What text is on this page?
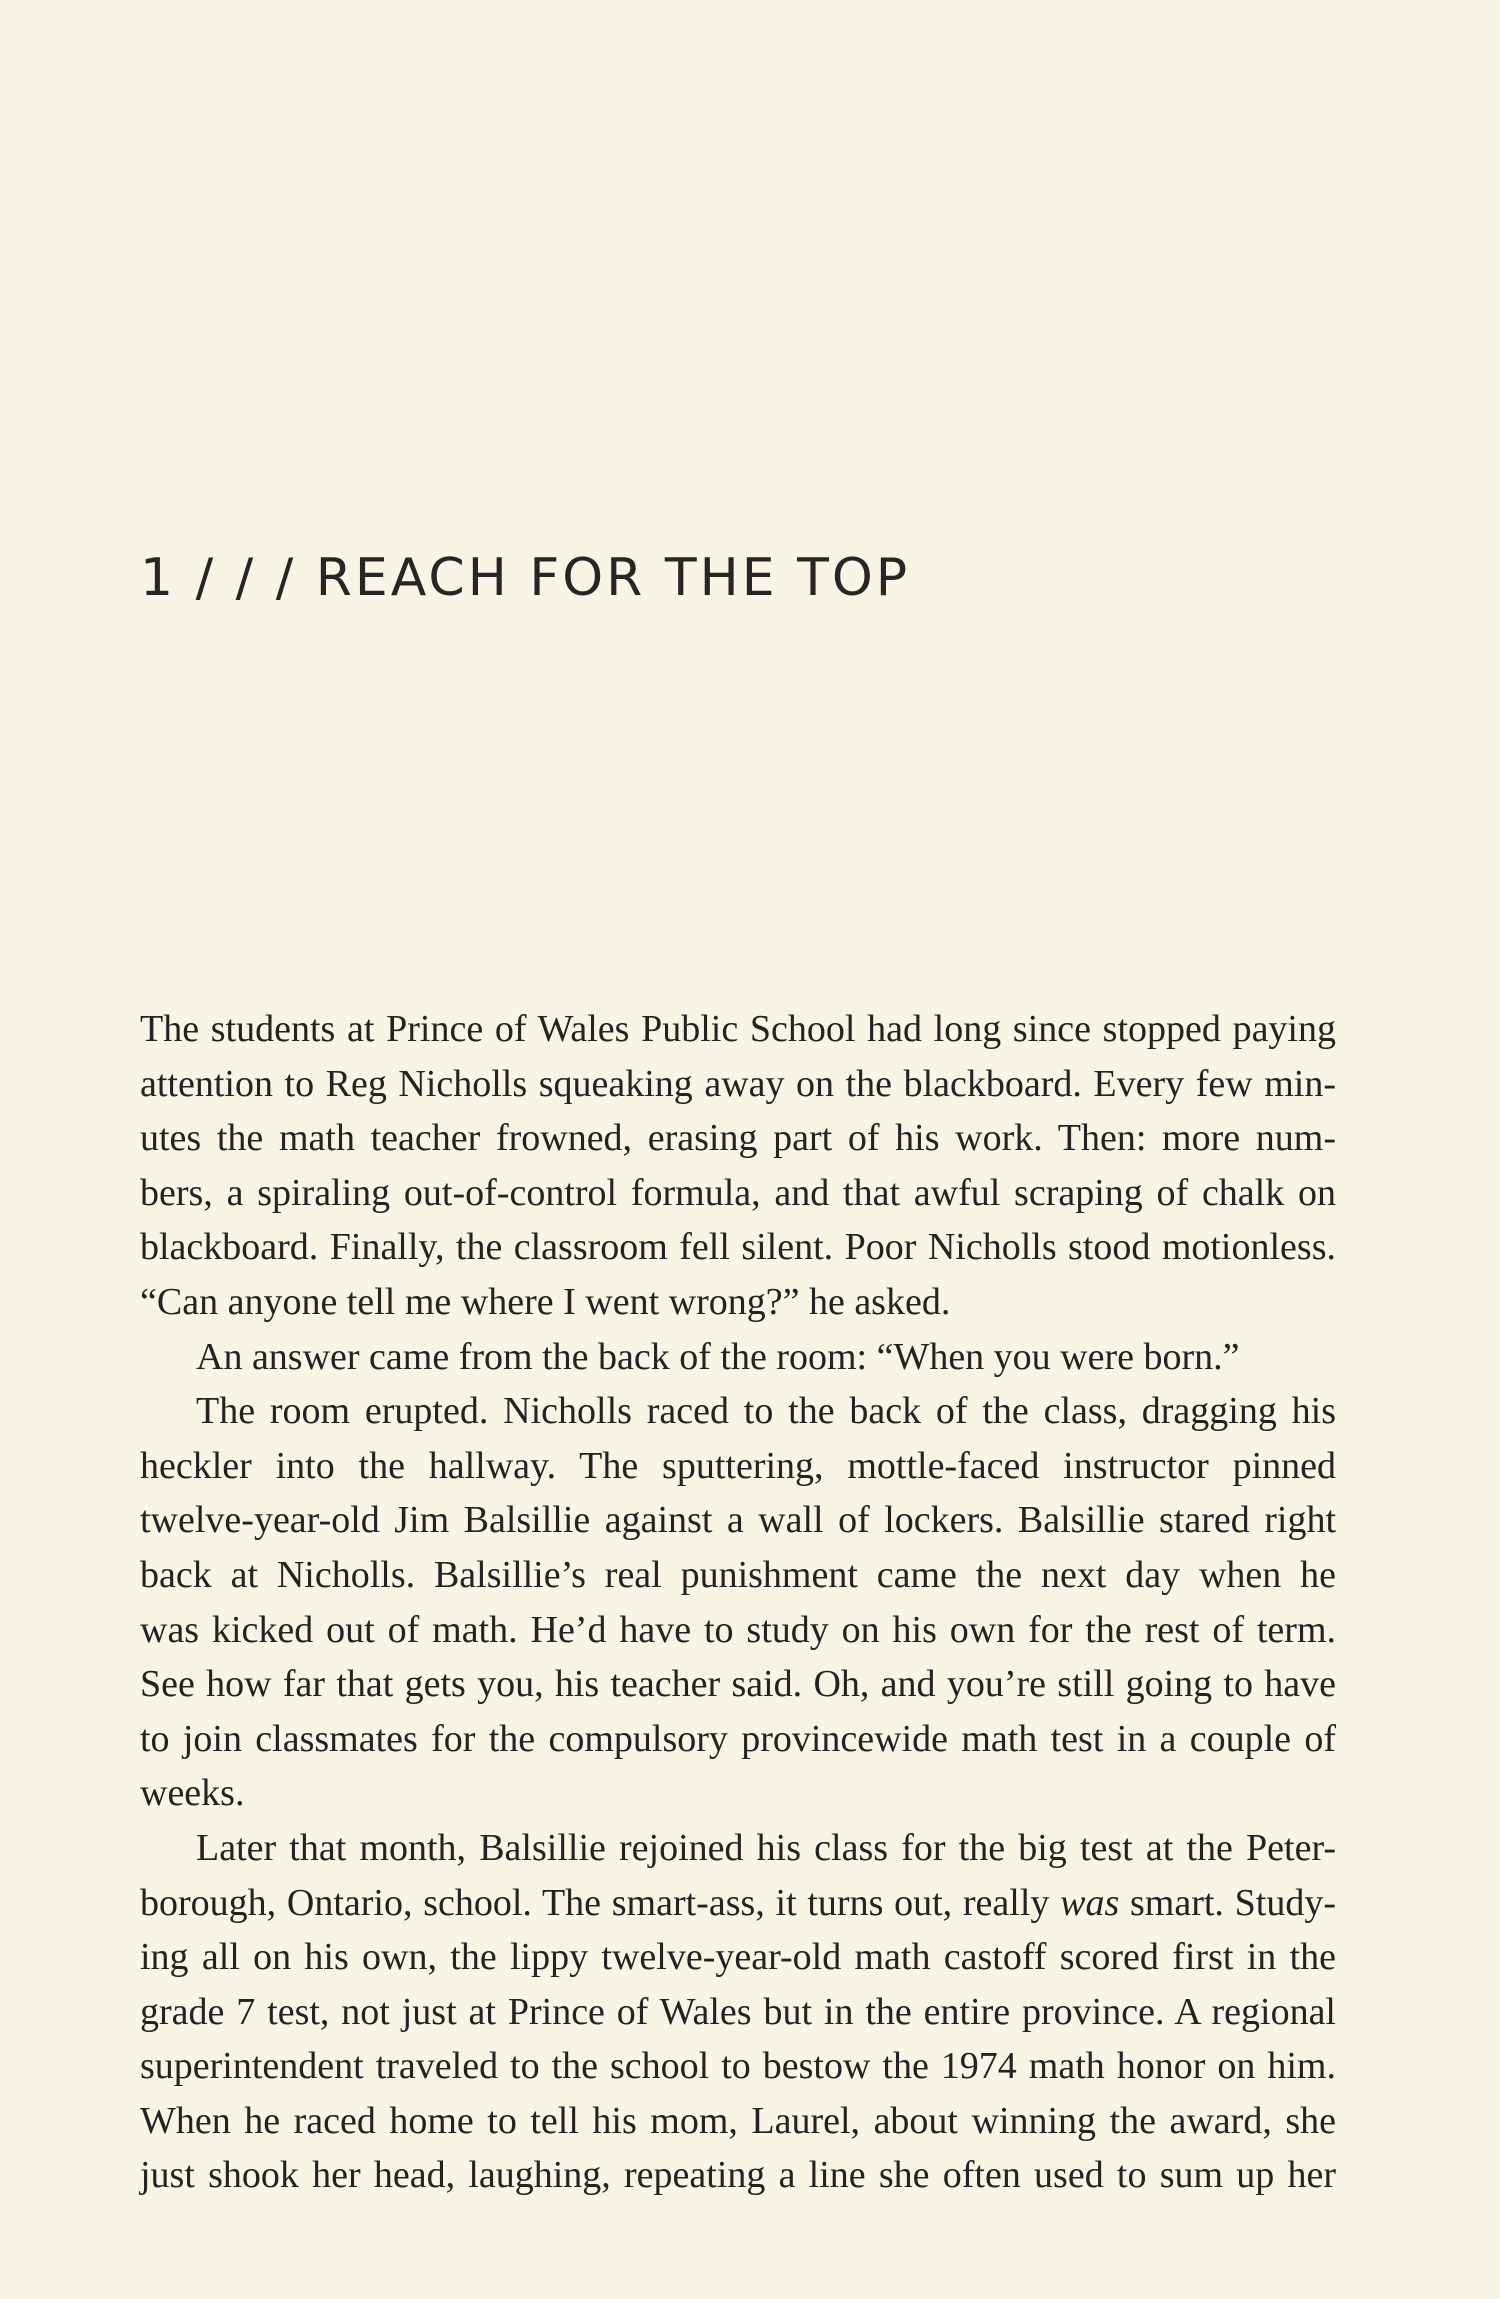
1 / / / REACH FOR THE TOP

The students at Prince of Wales Public School had long since stopped paying
attention to Reg Nicholls squeaking away on the blackboard. Every few min-
utes the math teacher frowned, erasing part of his work. Then: more num-
bers, a spiraling out-of-control formula, and that awful scraping of chalk on
blackboard. Finally, the classroom fell silent. Poor Nicholls stood motionless.
“Can anyone tell me where I went wrong?” he asked.

An answer came from the back of the room: “When you were born.”

The room erupted. Nicholls raced to the back of the class, dragging his
heckler into the hallway. The sputtering, mottle-faced instructor pinned
twelve-year-old Jim Balsillie against a wall of lockers. Balsillie stared right
back at Nicholls. Balsillie’s real punishment came the next day when he
was kicked out of math. He’d have to study on his own for the rest of term.
See how far that gets you, his teacher said. Oh, and you’re still going to have
to join classmates for the compulsory provincewide math test in a couple of
weeks.

Later that month, Balsillie rejoined his class for the big test at the Peter-
borough, Ontario, school. The smart-ass, it turns out, really was smart. Study-
ing all on his own, the lippy twelve-year-old math castoff scored first in the
grade 7 test, not just at Prince of Wales but in the entire province. A regional
superintendent traveled to the school to bestow the 1974 math honor on him.
When he raced home to tell his mom, Laurel, about winning the award, she
just shook her head, laughing, repeating a line she often used to sum up her
